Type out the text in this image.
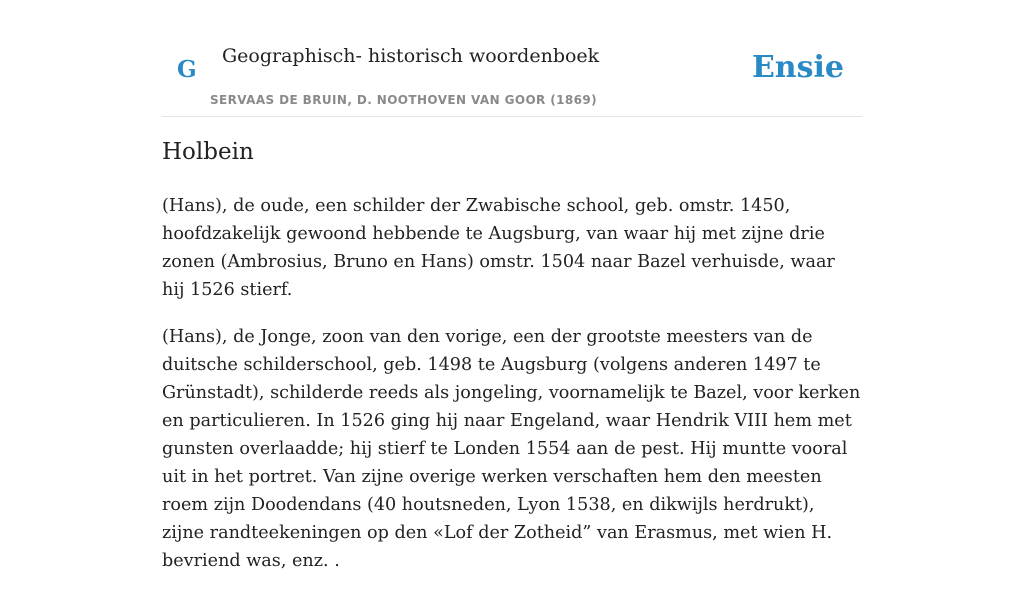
G Geographisch- historisch woordenboek
SERVAAS DE BRUIN, D. NOOTHOVEN VAN GOOR (1869)
Ensie
Holbein

(Hans), de oude, een schilder der Zwabische school, geb. omstr. 1450, hoofdzakelijk gewoond hebbende te Augsburg, van waar hij met zijne drie zonen (Ambrosius, Bruno en Hans) omstr. 1504 naar Bazel verhuisde, waar hij 1526 stierf.

(Hans), de Jonge, zoon van den vorige, een der grootste meesters van de duitsche schilderschool, geb. 1498 te Augsburg (volgens anderen 1497 te Grünstadt), schilderde reeds als jongeling, voornamelijk te Bazel, voor kerken en particulieren. In 1526 ging hij naar Engeland, waar Hendrik VIII hem met gunsten overlaadde; hij stierf te Londen 1554 aan de pest. Hij muntte vooral uit in het portret. Van zijne overige werken verschaften hem den meesten roem zijn Doodendans (40 houtsneden, Lyon 1538, en dikwijls herdrukt), zijne randteekeningen op den «Lof der Zotheid” van Erasmus, met wien H. bevriend was, enz. .
